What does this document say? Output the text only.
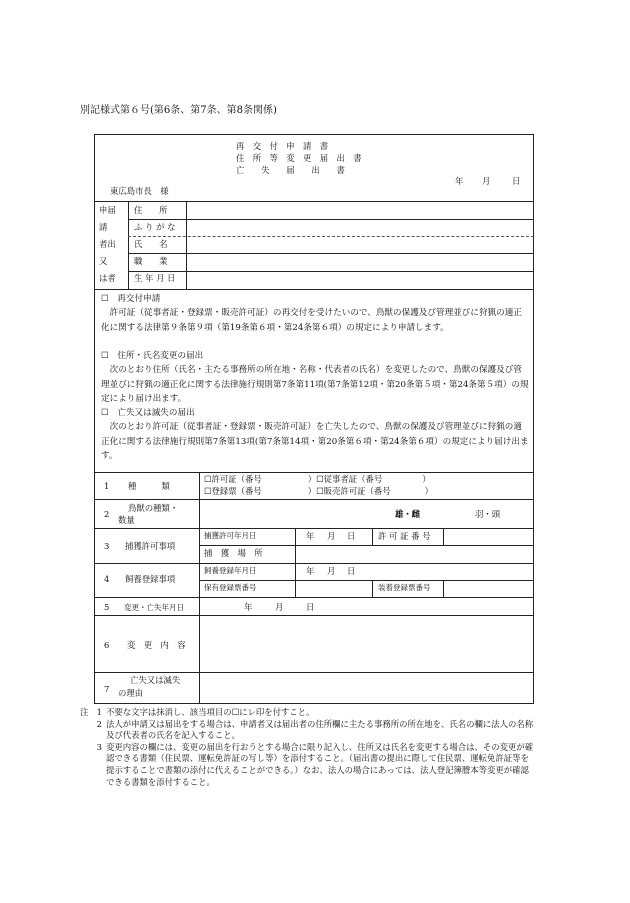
別記様式第６号(第6条、第7条、第8条関係)
再　交　付　申　請　書
住　所　等　変　更　届　出　書
亡　　失　　届　　出　　書
年 月	日
東広島市長　様
申届
請
者出
又
は者
住　　所
ふ り が な
氏　　名
職　　業
生 年 月 日
☐　 再交付申請

許可証（従事者証・登録票・販売許可証）の再交付を受けたいので、鳥獣の保護及び管理並びに狩猟の適正化に関する法律第９条第９項（第19条第６項・第24条第６項）の規定により申請します。

☐　 住所・氏名変更の届出

次のとおり住所（氏名・主たる事務所の所在地・名称・代表者の氏名）を変更したので、鳥獣の保護及び管理並びに狩猟の適正化に関する法律施行規則第7条第11項(第7条第12項・第20条第５項・第24条第５項）の規定により届け出ます。

☐　 亡失又は滅失の届出

次のとおり許可証（従事者証・登録票・販売許可証）を亡失したので、鳥獣の保護及び管理並びに狩猟の適正化に関する法律施行規則第7条第13項(第7条第14項・第20条第６項・第24条第６項）の規定により届け出ます。

1 種　　　類
☐許可証（番号	）☐従事者証（番号	）
☐登録票（番号	）☐販売許可証（番号	）
2
鳥獣の種類・
数量
雄・雌	羽・頭
3 捕獲許可事項
捕獲許可年月日	年 月 日	許 可 証 番 号
捕　獲　場　所
4 飼養登録事項
飼養登録年月日	年 月 日
保有登録票番号	装着登録票番号
5 変更・亡失年月日	年	月	日
6 変　更　内　容
7
亡失又は滅失
の理由
注 1 不要な文字は抹消し、該当項目の☐にレ印を付すこと。
2 法人が申請又は届出をする場合は、申請者又は届出者の住所欄に主たる事務所の所在地を、氏名の欄に法人の名称及び代表者の氏名を記入すること。
3 変更内容の欄には、変更の届出を行おうとする場合に限り記入し、住所又は氏名を変更する場合は、その変更が確認できる書類（住民票、運転免許証の写し等）を添付すること。（届出書の提出に際して住民票、運転免許証等を提示することで書類の添付に代えることができる。）なお、法人の場合にあっては、法人登記簿謄本等変更が確認できる書類を添付すること。
